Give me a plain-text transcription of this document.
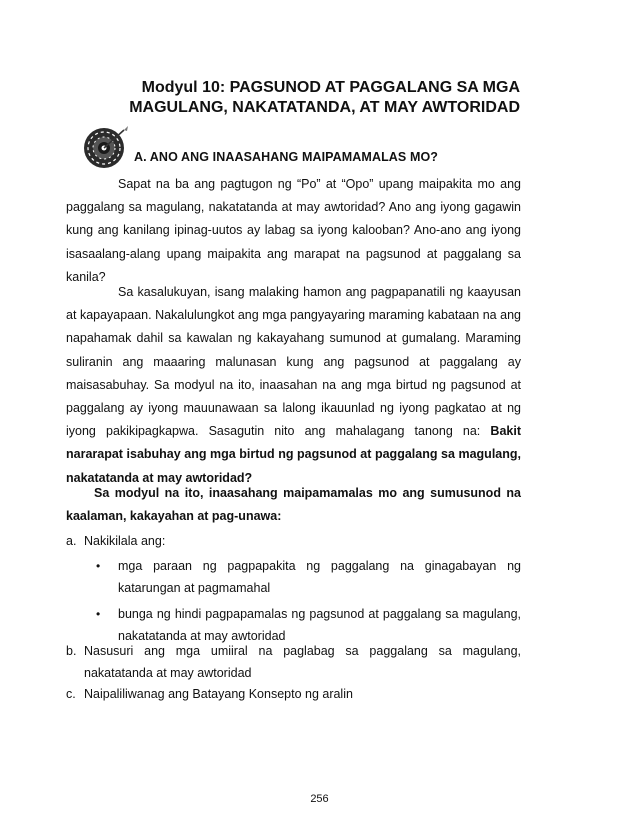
Modyul 10: PAGSUNOD AT PAGGALANG SA MGA
MAGULANG, NAKATATANDA, AT MAY AWTORIDAD
A. ANO ANG INAASAHANG MAIPAMAMALAS MO?
Sapat na ba ang pagtugon ng “Po” at “Opo” upang maipakita mo ang paggalang sa magulang, nakatatanda at may awtoridad? Ano ang iyong gagawin kung ang kanilang ipinag-uutos ay labag sa iyong kalooban? Ano-ano ang iyong isasaalang-alang upang maipakita ang marapat na pagsunod at paggalang sa kanila?
Sa kasalukuyan, isang malaking hamon ang pagpapanatili ng kaayusan at kapayapaan. Nakalulungkot ang mga pangyayaring maraming kabataan na ang napahamak dahil sa kawalan ng kakayahang sumunod at gumalang. Maraming suliranin ang maaaring malunasan kung ang pagsunod at paggalang ay maisasabuhay. Sa modyul na ito, inaasahan na ang mga birtud ng pagsunod at paggalang ay iyong mauunawaan sa lalong ikauunlad ng iyong pagkatao at ng iyong pakikipagkapwa. Sasagutin nito ang mahalagang tanong na: Bakit nararapat isabuhay ang mga birtud ng pagsunod at paggalang sa magulang, nakatatanda at may awtoridad?
Sa modyul na ito, inaasahang maipamamalas mo ang sumusunod na kaalaman, kakayahan at pag-unawa:
a. Nakikilala ang:
•	mga paraan ng pagpapakita ng paggalang na ginagabayan ng katarungan at pagmamahal
•	bunga ng hindi pagpapamalas ng pagsunod at paggalang sa magulang, nakatatanda at may awtoridad
b. Nasusuri ang mga umiiral na paglabag sa paggalang sa magulang, nakatatanda at may awtoridad
c. Naipaliliwanag ang Batayang Konsepto ng aralin
256
